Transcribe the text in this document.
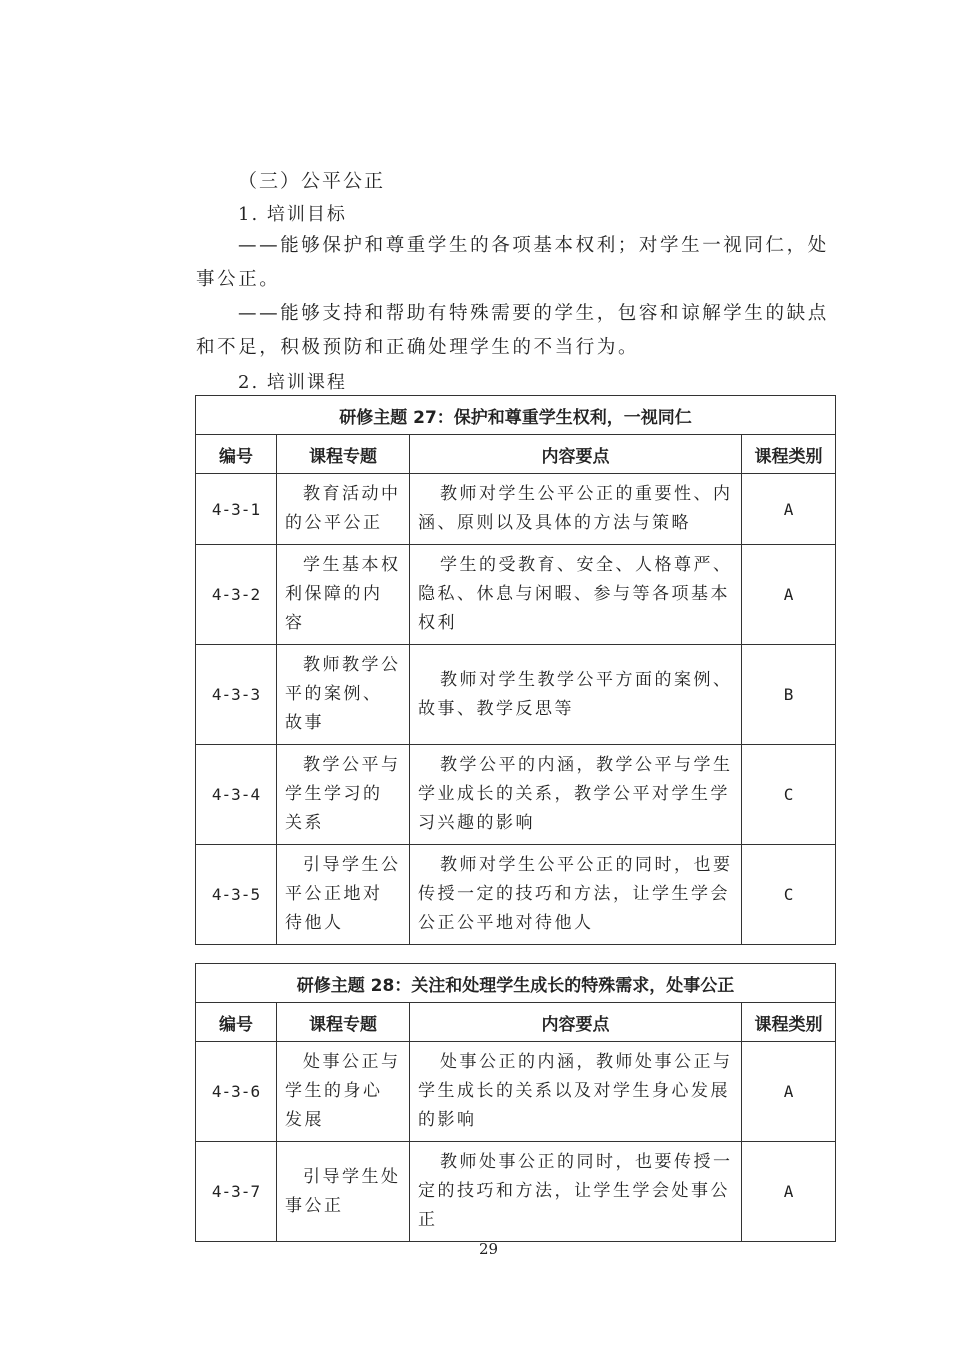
（三）公平公正
1. 培训目标
——能够保护和尊重学生的各项基本权利；对学生一视同仁，处事公正。
——能够支持和帮助有特殊需要的学生，包容和谅解学生的缺点和不足，积极预防和正确处理学生的不当行为。
2. 培训课程
研修主题 27：保护和尊重学生权利，一视同仁			
编号	课程专题	内容要点	课程类别
4-3-1	教育活动中的公平公正	教师对学生公平公正的重要性、内涵、原则以及具体的方法与策略	A
4-3-2	学生基本权利保障的内容	学生的受教育、安全、人格尊严、隐私、休息与闲暇、参与等各项基本权利	A
4-3-3	教师教学公平的案例、故事	教师对学生教学公平方面的案例、故事、教学反思等	B
4-3-4	教学公平与学生学习的关系	教学公平的内涵，教学公平与学生学业成长的关系，教学公平对学生学习兴趣的影响	C
4-3-5	引导学生公平公正地对待他人	教师对学生公平公正的同时，也要传授一定的技巧和方法，让学生学会公正公平地对待他人	C
研修主题 28：关注和处理学生成长的特殊需求，处事公正			
编号	课程专题	内容要点	课程类别
4-3-6	处事公正与学生的身心发展	处事公正的内涵，教师处事公正与学生成长的关系以及对学生身心发展的影响	A
4-3-7	引导学生处事公正	教师处事公正的同时，也要传授一定的技巧和方法，让学生学会处事公正	A
29
